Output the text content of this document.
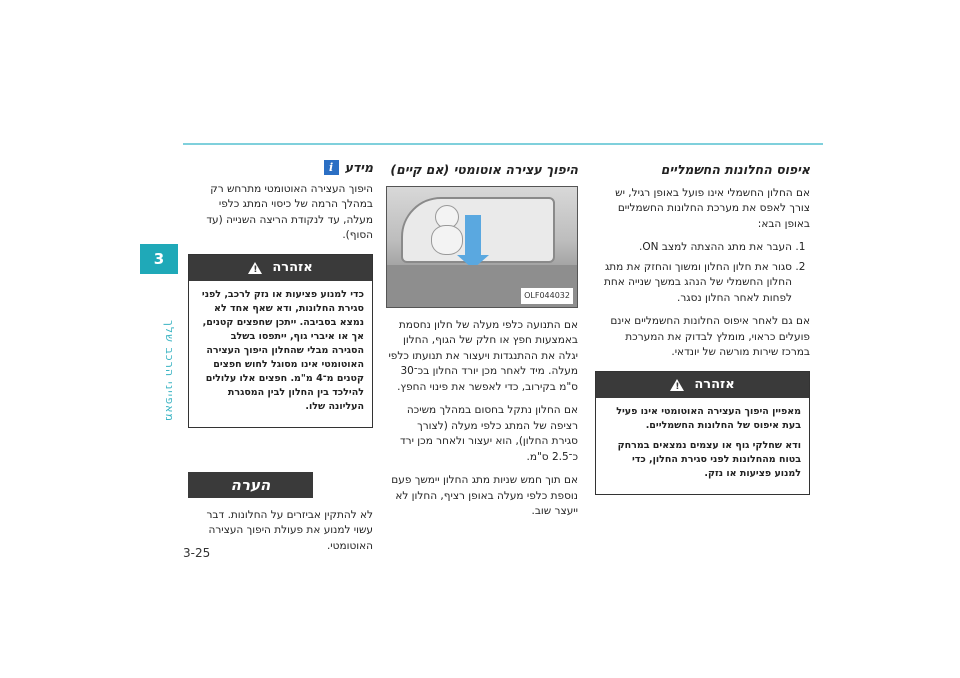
3
מאפייני הרכב שלך
3-25
איפוס החלונות החשמליים

אם החלון החשמלי אינו פועל באופן רגיל, יש צורך לאפס את מערכת החלונות החשמליים באופן הבא:

1. העבר את מתג ההצתה למצב ON.
2. סגור את חלון החלון ומשוך והחזק את מתג החלון החשמלי של הנהג במשך שנייה אחת לפחות לאחר החלון נסגר.

אם גם לאחר איפוס החלונות החשמליים אינם פועלים כראוי, מומלץ לבדוק את המערכת במרכז שירות מורשה של יונדאי.

אזהרה
!

מאפיין היפוך העצירה האוטומטי אינו פעיל בעת איפוס של החלונות החשמליים.

ודא שחלקי גוף או עצמים נמצאים במרחק בטוח מהחלונות לפני סגירת החלון, כדי למנוע פציעות או נזק.

היפוך עצירה אוטומטי (אם קיים)
OLF044032

אם התנועה כלפי מעלה של חלון נחסמת באמצעות חפץ או חלק של הגוף, החלון יגלה את ההתנגדות ויעצור את תנועתו כלפי מעלה. מיד לאחר מכן יורד החלון בכ־30 ס"מ בקירוב, כדי לאפשר את פינוי החפץ.

אם החלון נתקל בחסום במהלך משיכה רציפה של המתג כלפי מעלה (לצורך סגירת החלון), הוא יעצור ולאחר מכן ירד כ־2.5 ס"מ.

אם תוך חמש שניות מתג החלון יימשך פעם נוספת כלפי מעלה באופן רציף, החלון לא ייעצר שוב.

מידע
i

היפוך העצירה האוטומטי מתרחש רק במהלך הרמה של כיסוי המתג כלפי מעלה, עד לנקודת הריצה השנייה (עד הסוף).

אזהרה
!

כדי למנוע פציעות או נזק לרכב, לפני סגירת החלונות, ודא שאף אחד לא נמצא בסביבה. ייתכן שחפצים קטנים, אך או איברי גוף, ייתפסו בשלב הסגירה מבלי שהחלון היפוך העצירה האוטומטי אינו מסוגל לחוש חפצים קטנים מ־4 מ"מ. חפצים אלו עלולים להילכד בין החלון לבין המסגרת העליונה שלו.

הערה

לא להתקין אביזרים על החלונות. דבר עשוי למנוע את פעולת היפוך העצירה האוטומטי.
